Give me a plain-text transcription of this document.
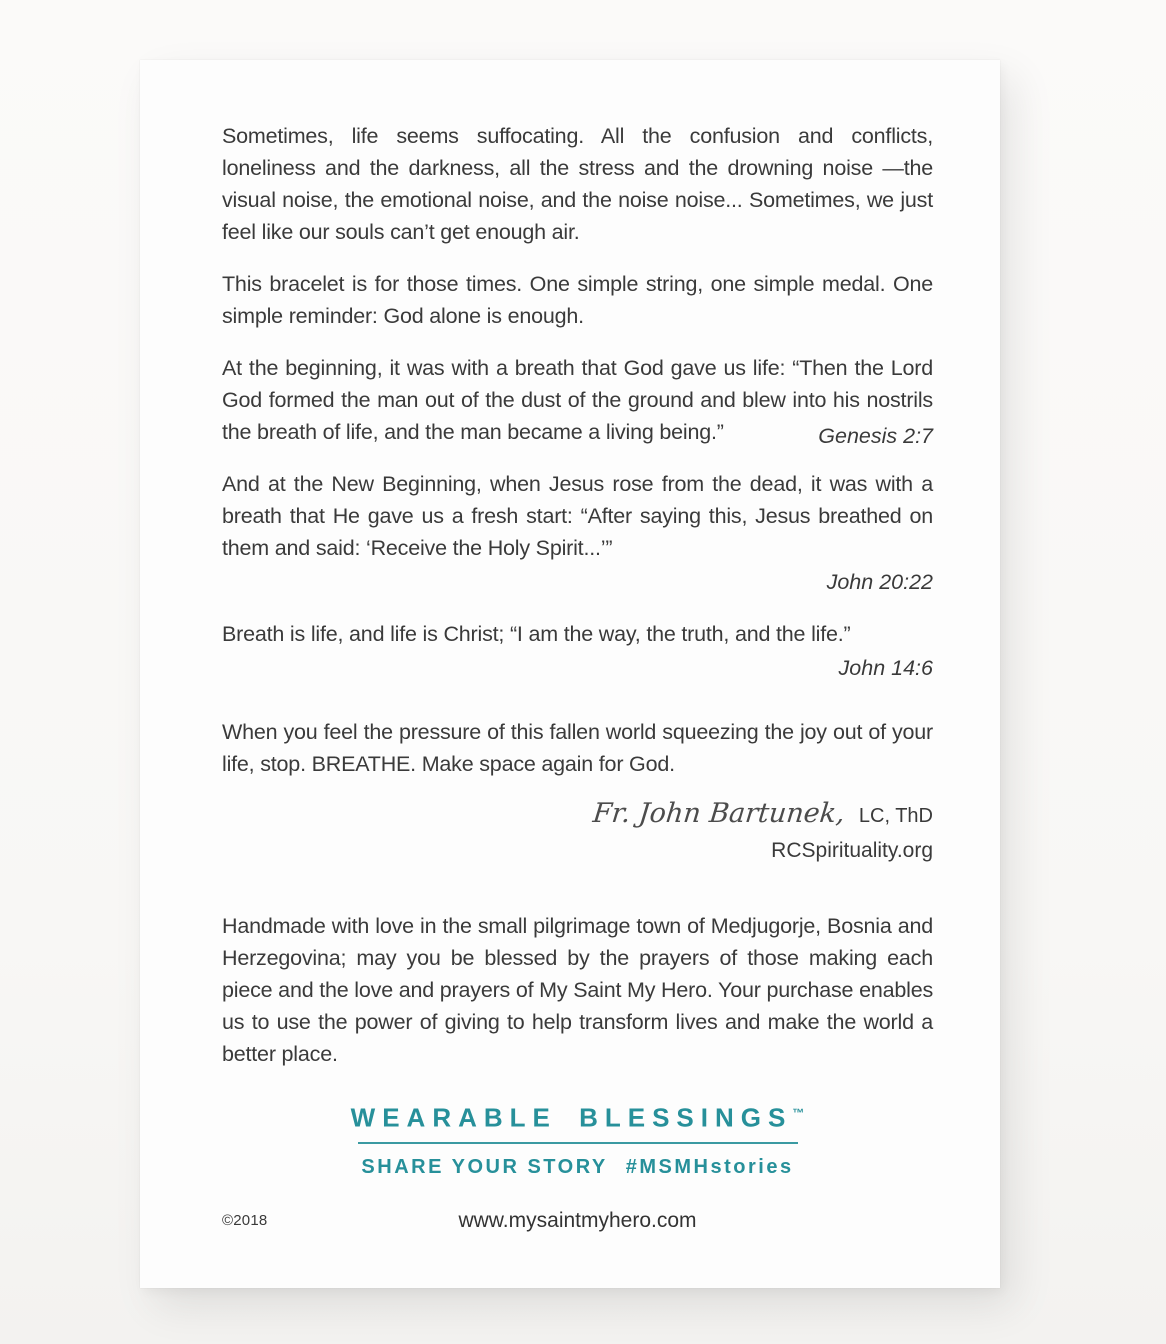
Sometimes, life seems suffocating. All the confusion and conflicts, loneliness and the darkness, all the stress and the drowning noise —the visual noise, the emotional noise, and the noise noise... Sometimes, we just feel like our souls can’t get enough air.

This bracelet is for those times. One simple string, one simple medal. One simple reminder: God alone is enough.

At the beginning, it was with a breath that God gave us life: “Then the Lord God formed the man out of the dust of the ground and blew into his nostrils the breath of life, and the man became a living being.”	Genesis 2:7

And at the New Beginning, when Jesus rose from the dead, it was with a breath that He gave us a fresh start: “After saying this, Jesus breathed on them and said: ‘Receive the Holy Spirit...’”

John 20:22

Breath is life, and life is Christ; “I am the way, the truth, and the life.”

John 14:6

When you feel the pressure of this fallen world squeezing the joy out of your life, stop. BREATHE. Make space again for God.

Fr. John Bartunek, LC, ThD
RCSpirituality.org

Handmade with love in the small pilgrimage town of Medjugorje, Bosnia and Herzegovina; may you be blessed by the prayers of those making each piece and the love and prayers of My Saint My Hero. Your purchase enables us to use the power of giving to help transform lives and make the world a better place.

WEARABLE BLESSINGS™
SHARE YOUR STORY #MSMHstories
©2018	www.mysaintmyhero.com
